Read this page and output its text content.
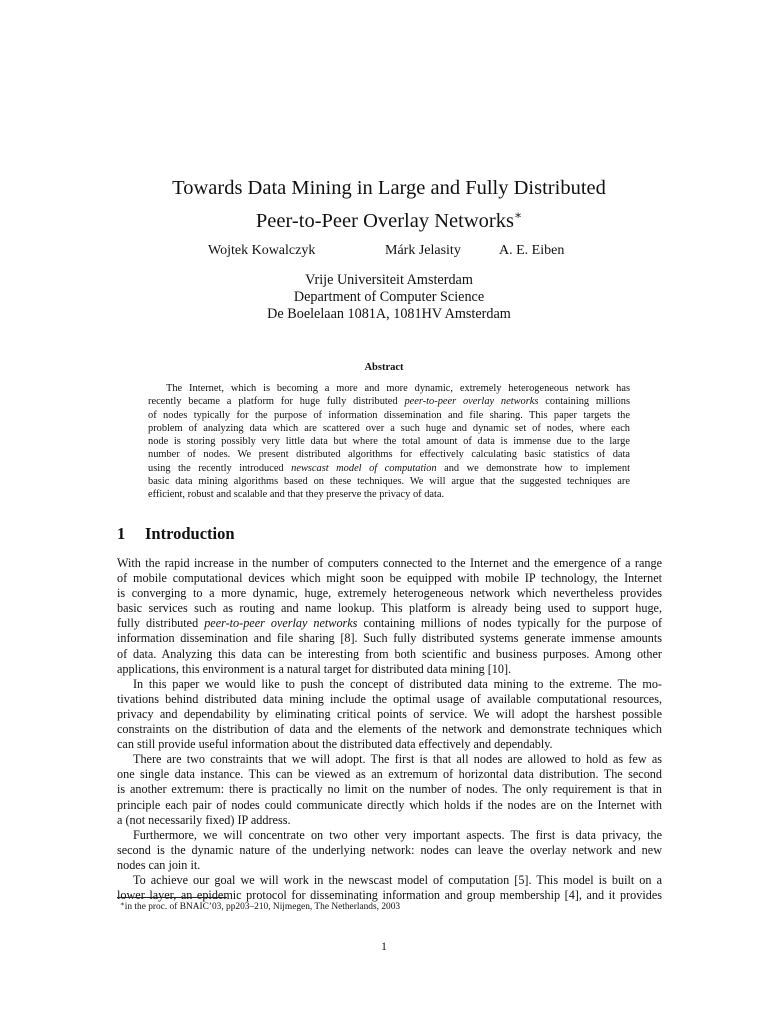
Towards Data Mining in Large and Fully Distributed
Peer-to-Peer Overlay Networks∗
Wojtek Kowalczyk	Márk Jelasity	A. E. Eiben
Vrije Universiteit Amsterdam
Department of Computer Science
De Boelelaan 1081A, 1081HV Amsterdam
Abstract
The Internet, which is becoming a more and more dynamic, extremely heterogeneous network has
recently became a platform for huge fully distributed peer-to-peer overlay networks containing millions
of nodes typically for the purpose of information dissemination and file sharing. This paper targets the
problem of analyzing data which are scattered over a such huge and dynamic set of nodes, where each
node is storing possibly very little data but where the total amount of data is immense due to the large
number of nodes. We present distributed algorithms for effectively calculating basic statistics of data
using the recently introduced newscast model of computation and we demonstrate how to implement
basic data mining algorithms based on these techniques. We will argue that the suggested techniques are
efficient, robust and scalable and that they preserve the privacy of data.
1 Introduction
With the rapid increase in the number of computers connected to the Internet and the emergence of a range
of mobile computational devices which might soon be equipped with mobile IP technology, the Internet
is converging to a more dynamic, huge, extremely heterogeneous network which nevertheless provides
basic services such as routing and name lookup. This platform is already being used to support huge,
fully distributed peer-to-peer overlay networks containing millions of nodes typically for the purpose of
information dissemination and file sharing [8]. Such fully distributed systems generate immense amounts
of data. Analyzing this data can be interesting from both scientific and business purposes. Among other
applications, this environment is a natural target for distributed data mining [10].
In this paper we would like to push the concept of distributed data mining to the extreme. The mo-
tivations behind distributed data mining include the optimal usage of available computational resources,
privacy and dependability by eliminating critical points of service. We will adopt the harshest possible
constraints on the distribution of data and the elements of the network and demonstrate techniques which
can still provide useful information about the distributed data effectively and dependably.
There are two constraints that we will adopt. The first is that all nodes are allowed to hold as few as
one single data instance. This can be viewed as an extremum of horizontal data distribution. The second
is another extremum: there is practically no limit on the number of nodes. The only requirement is that in
principle each pair of nodes could communicate directly which holds if the nodes are on the Internet with
a (not necessarily fixed) IP address.
Furthermore, we will concentrate on two other very important aspects. The first is data privacy, the
second is the dynamic nature of the underlying network: nodes can leave the overlay network and new
nodes can join it.
To achieve our goal we will work in the newscast model of computation [5]. This model is built on a
lower layer, an epidemic protocol for disseminating information and group membership [4], and it provides
∗in the proc. of BNAIC’03, pp203–210, Nijmegen, The Netherlands, 2003
1
